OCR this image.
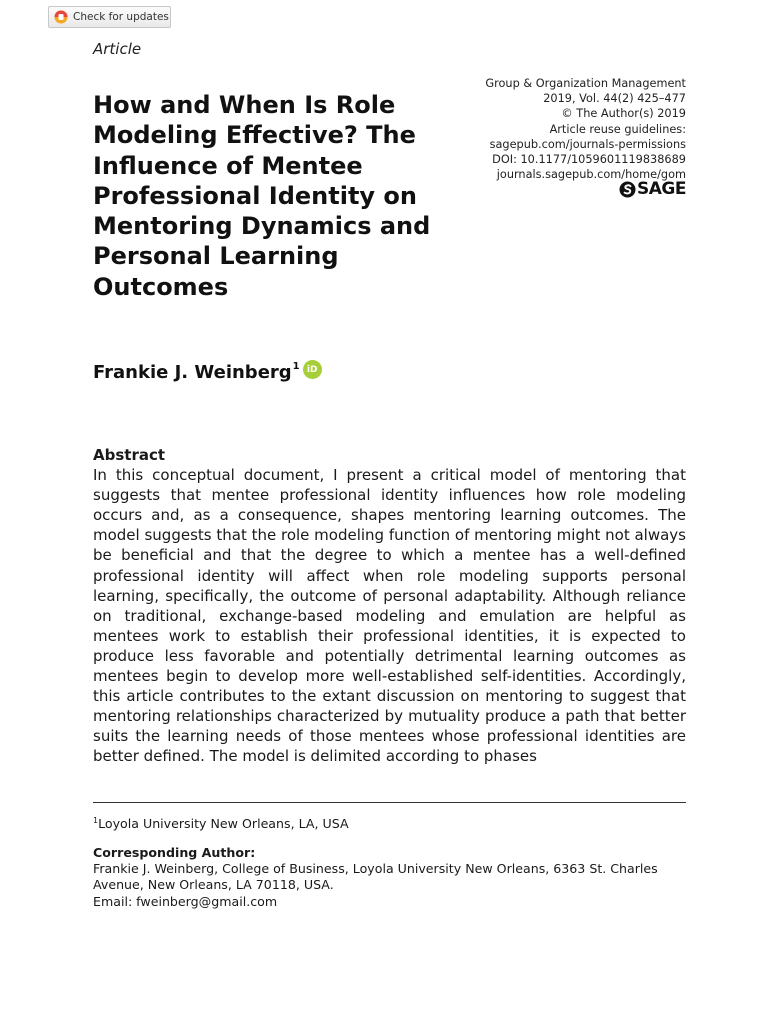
Check for updates
Article
Group & Organization Management
2019, Vol. 44(2) 425–477
© The Author(s) 2019
Article reuse guidelines:
sagepub.com/journals-permissions
DOI: 10.1177/1059601119838689
journals.sagepub.com/home/gom
SAGE
How and When Is Role Modeling Effective? The Influence of Mentee Professional Identity on Mentoring Dynamics and Personal Learning Outcomes
Frankie J. Weinberg$^1$ iD

Abstract

In this conceptual document, I present a critical model of mentoring that suggests that mentee professional identity influences how role modeling occurs and, as a consequence, shapes mentoring learning outcomes. The model suggests that the role modeling function of mentoring might not always be beneficial and that the degree to which a mentee has a well-defined professional identity will affect when role modeling supports personal learning, specifically, the outcome of personal adaptability. Although reliance on traditional, exchange-based modeling and emulation are helpful as mentees work to establish their professional identities, it is expected to produce less favorable and potentially detrimental learning outcomes as mentees begin to develop more well-established self-identities. Accordingly, this article contributes to the extant discussion on mentoring to suggest that mentoring relationships characterized by mutuality produce a path that better suits the learning needs of those mentees whose professional identities are better defined. The model is delimited according to phases

$^1$Loyola University New Orleans, LA, USA

Corresponding Author:

Frankie J. Weinberg, College of Business, Loyola University New Orleans, 6363 St. Charles

Avenue, New Orleans, LA 70118, USA.

Email: fweinberg@gmail.com
